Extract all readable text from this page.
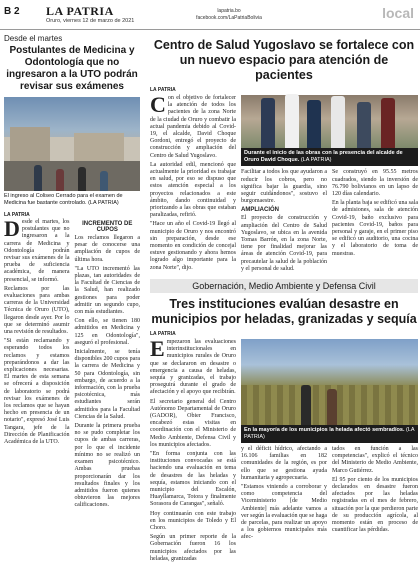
B 2 LA PATRIA
Oruro, viernes 12 de marzo de 2021
lapatria.bo
facebook.com/LaPatriaBolivia	local
Desde el martes
Postulantes de Medicina y Odontología que no ingresaron a la UTO podrán revisar sus exámenes
El ingreso al Coliseo Cerrado para el examen de Medicina fue bastante controlado. (LA PATRIA)
LA PATRIA

Desde el martes, los postulantes que no ingresaron a la carrera de Medicina y Odontología podrán revisar sus exámenes de la prueba de suficiencia académica, de manera presencial, se informó.

Reclamos por las evaluaciones para ambas carreras de la Universidad Técnica de Oruro (UTO), llegaron desde ayer. Por lo que se determinó asumir una revisión de resultados.

"Si están reclamando y esperando todos los reclamos y estamos preparándonos a dar las explicaciones necesarias. El martes de esta semana se ofrecerá a disposición de laboratorio se podrá revisar los exámenes de los reclamos que se hayan hecho en presencia de un notario", expresó José Luis Tangara, jefe de la Dirección de Planificación Académica de la UTO.

INCREMENTO DE CUPOS

Los reclamos llegaron a pesar de conocerse una ampliación de cupos de última hora.

"La UTO incrementó las plazas, tan autoridades de la Facultad de Ciencias de la Salud, han realizado gestiones para poder admitir un segundo cupo, con más estudiantes.

Con ello, se tienen 180 admitidos en Medicina y 125 en Odontología", aseguró el profesional.

Inicialmente, se tenía disponibles 200 cupos para la carrera de Medicina y 50 para Odontología, sin embargo, de acuerdo a la información, con la prueba psicotécnica, más estudiantes serán admitidos para la Facultad Ciencias de la Salud.

Durante la primera prueba no se pudo completar los cupos de ambas carreras, por lo que el incidente mínimo no se realizó un examen psicotécnico. Ambas pruebas proporcionarán dar los resultados finales y los admitidos fueron quienes obtuvieron las mejores calificaciones.

Centro de Salud Yugoslavo se fortalece con un nuevo espacio para atención de pacientes
LA PATRIA

Con el objetivo de fortalecer la atención de todos los pacientes de la zona Norte de la ciudad de Oruro y combatir la actual pandemia debido al Covid-19, el alcalde, David Choque Gordoni, entregó el proyecto de construcción y ampliación del Centro de Salud Yugoslavo.

La autoridad edil, mencionó que actualmente la prioridad es trabajar en salud, por eso se dispuso que estos atención especial a los proyectos relacionados a este ámbito, dando continuidad y priorizando a las obras que estaban paralizadas, refirió.

"Hace un año el Covid-19 llegó al municipio de Oruro y nos encontró sin preparación, desde ese momento en condición de concejal estuve gestionando y ahora hemos logrado algo importante para la zona Norte", dijo.

Durante el inicio de las obras con la presencia del alcalde de Oruro David Choque. (LA PATRIA)

Facilitar a todos los que ayudaron a reducir los cobros, pero no significa bajar la guardia, sino seguir cuidándonos", sostuvo el burgomaestre.

AMPLIACIÓN

El proyecto de construcción y ampliación del Centro de Salud Yugoslavo, se ubica en la avenida Tomas Barrón, en la zona Norte, tiene por finalidad mejorar las áreas de atención Covid-19, para precautelar la salud de la población y el personal de salud.

Se construyó en 95.55 metros cuadrados, siendo la inversión de 76.790 bolivianos en un lapso de 120 días calendario.

En la planta baja se edificó una sala de admisiones, sala de atención Covid-19, baño exclusivo para pacientes Covid-19, baños para personal y garaje, en el primer piso se edificó un auditorio, una cocina y el laboratorio de toma de muestras.

Gobernación, Medio Ambiente y Defensa Civil
Tres instituciones evalúan desastre en municipios por heladas, granizadas y sequía
LA PATRIA

Empezaron las evaluaciones interinstitucionales en municipios rurales de Oruro que se declararon en desastre o emergencia a causa de heladas, sequía y granizadas, el trabajo proseguirá durante el grado de afectación y el apoyo que recibirán.

El secretario general del Centro Autónomo Departamental de Oruro (GADOR), Obier Francisco, encabezó estas visitas en coordinación con el Ministerio de Medio Ambiente, Defensa Civil y los municipios afectados.

"En forma conjunta con las instituciones convocadas se está haciendo una evaluación en tema de desastres de las heladas y sequía, estamos iniciando con el municipio del Escalón, Huayllamarca, Totora y finalmente Sorasora de Carangas", señaló.

Hoy continuarán con este trabajo en los municipios de Toledo y El Choro.

Según un primer reporte de la Gobernación fueron 16 los municipios afectados por las heladas, granizadas

En la mayoría de los municipios la helada afectó sembradíos. (LA PATRIA)

y el déficit hídrico, afectando a 16.106 familias en 182 comunidades de la región, es por ello que se gestiona ayuda humanitaria y agropecuaria.

"Estamos viniendo a corroborar y como competencia del Viceministerio [de Medio Ambiente] más adelante vamos a ver según la evaluación que se haga de parcelas, para realizar un apoyo a los gobiernos municipales más afec-

tados en función a las competencias", explicó el técnico del Ministerio de Medio Ambiente, Marco Gutiérrez.

El 95 por ciento de los municipios declarados en desastre fueron afectados por las heladas registradas en el mes de febrero, situación por la que perdieron parte de su producción agrícola, al momento están en proceso de cuantificar las pérdidas.
